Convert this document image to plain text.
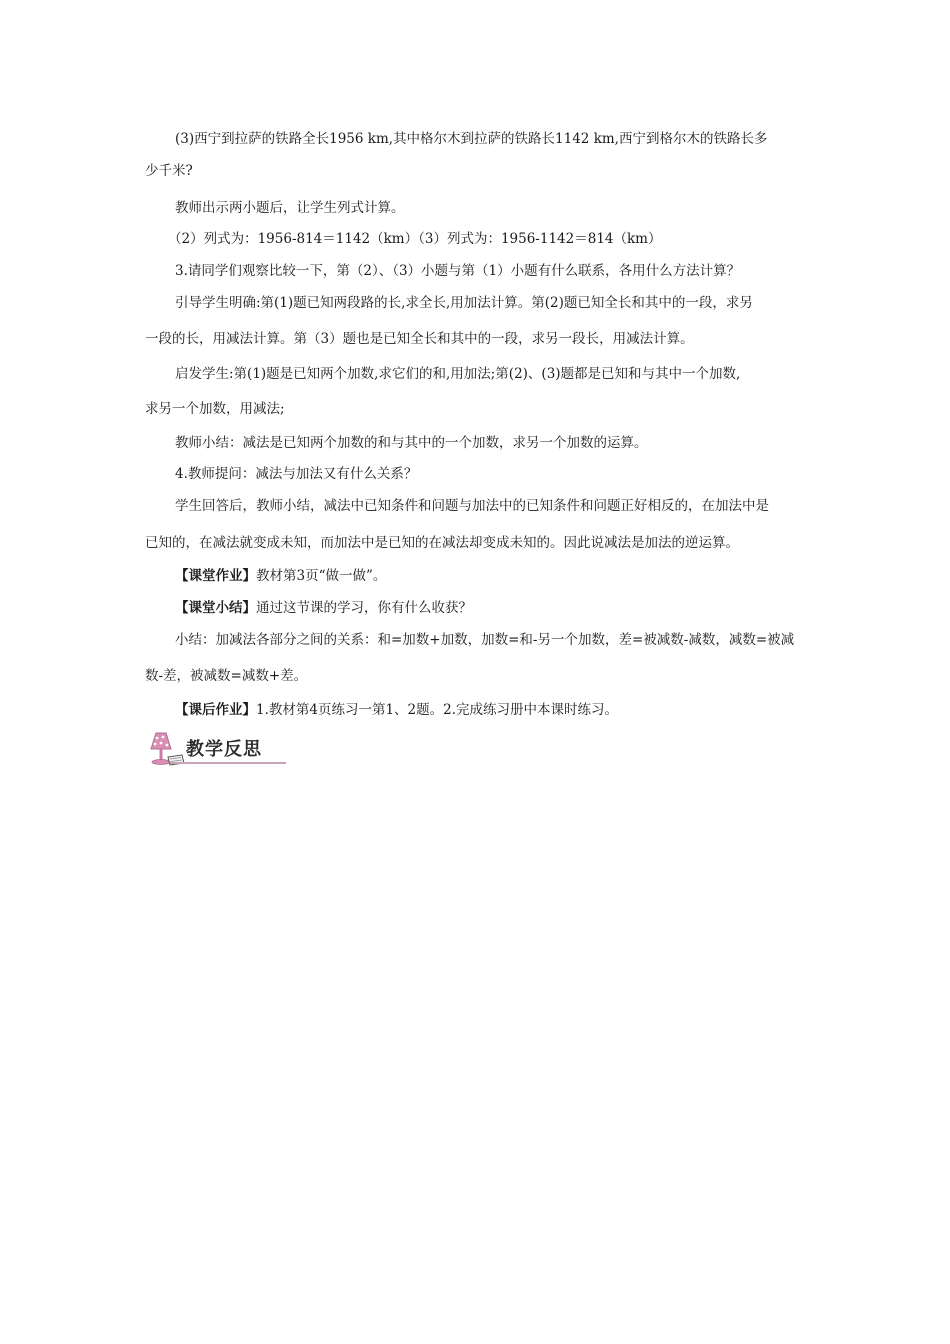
(3)西宁到拉萨的铁路全长1956 km,其中格尔木到拉萨的铁路长1142 km,西宁到格尔木的铁路长多
少千米?
教师出示两小题后，让学生列式计算。
（2）列式为：1956-814＝1142（km）（3）列式为：1956-1142＝814（km）
3.请同学们观察比较一下，第（2）、（3）小题与第（1）小题有什么联系，各用什么方法计算？
引导学生明确:第(1)题已知两段路的长,求全长,用加法计算。第(2)题已知全长和其中的一段，求另
一段的长，用减法计算。第（3）题也是已知全长和其中的一段，求另一段长，用减法计算。
启发学生:第(1)题是已知两个加数,求它们的和,用加法;第(2)、(3)题都是已知和与其中一个加数,
求另一个加数，用减法;
教师小结：减法是已知两个加数的和与其中的一个加数，求另一个加数的运算。
4.教师提问：减法与加法又有什么关系？
学生回答后，教师小结，减法中已知条件和问题与加法中的已知条件和问题正好相反的，在加法中是
已知的，在减法就变成未知，而加法中是已知的在减法却变成未知的。因此说减法是加法的逆运算。
【课堂作业】教材第3页“做一做”。
【课堂小结】通过这节课的学习，你有什么收获？
小结：加减法各部分之间的关系：和=加数+加数，加数=和-另一个加数，差=被减数-减数，减数=被减
数-差，被减数=减数+差。
【课后作业】1.教材第4页练习一第1、2题。2.完成练习册中本课时练习。
教学反思
